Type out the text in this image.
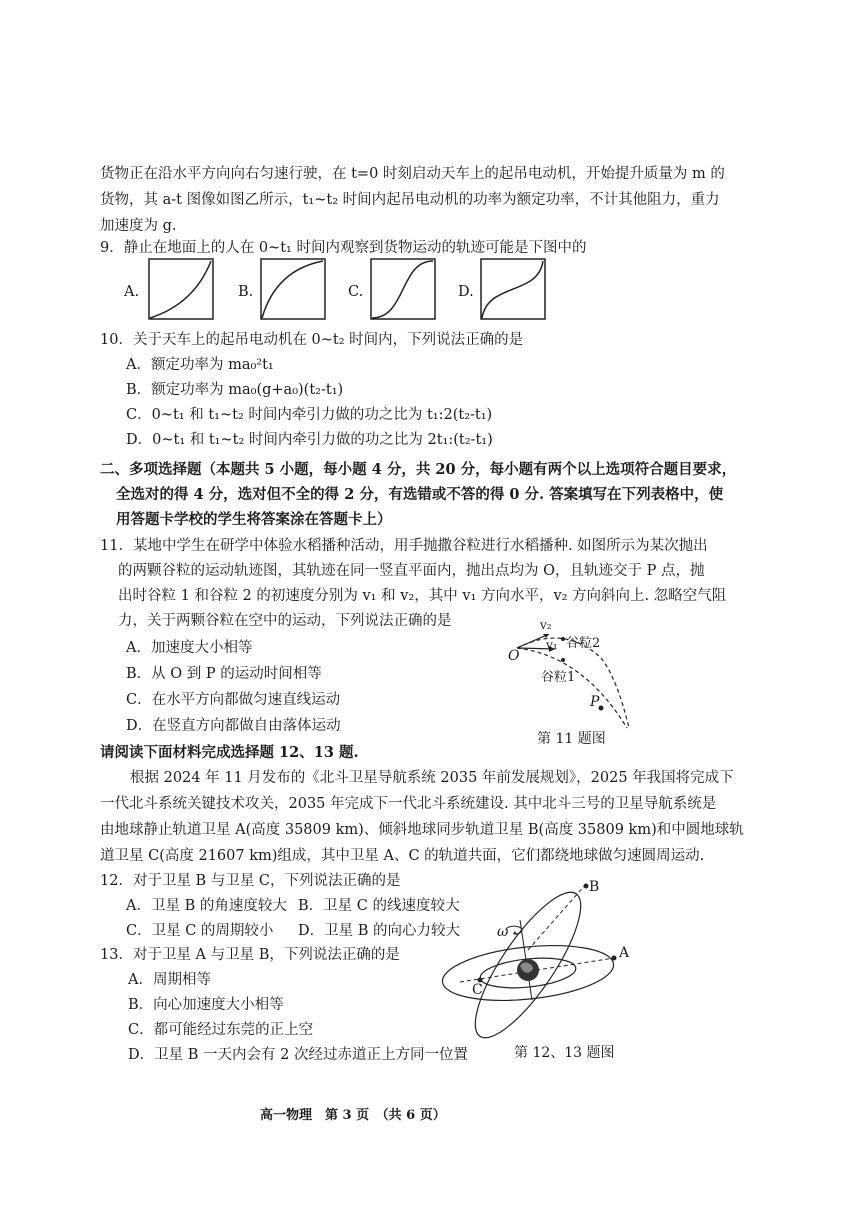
货物正在沿水平方向向右匀速行驶，在 t=0 时刻启动天车上的起吊电动机，开始提升质量为 m 的
货物，其 a-t 图像如图乙所示，t₁~t₂ 时间内起吊电动机的功率为额定功率，不计其他阻力，重力
加速度为 g.
9．静止在地面上的人在 0~t₁ 时间内观察到货物运动的轨迹可能是下图中的
A.	B.	C.	D.
10．关于天车上的起吊电动机在 0~t₂ 时间内，下列说法正确的是
A．额定功率为 ma₀²t₁
B．额定功率为 ma₀(g+a₀)(t₂-t₁)
C．0~t₁ 和 t₁~t₂ 时间内牵引力做的功之比为 t₁:2(t₂-t₁)
D．0~t₁ 和 t₁~t₂ 时间内牵引力做的功之比为 2t₁:(t₂-t₁)
二、多项选择题（本题共 5 小题，每小题 4 分，共 20 分，每小题有两个以上选项符合题目要求，
全选对的得 4 分，选对但不全的得 2 分，有选错或不答的得 0 分. 答案填写在下列表格中，使
用答题卡学校的学生将答案涂在答题卡上）
11．某地中学生在研学中体验水稻播种活动，用手抛撒谷粒进行水稻播种. 如图所示为某次抛出
的两颗谷粒的运动轨迹图，其轨迹在同一竖直平面内，抛出点均为 O，且轨迹交于 P 点，抛
出时谷粒 1 和谷粒 2 的初速度分别为 v₁ 和 v₂，其中 v₁ 方向水平，v₂ 方向斜向上. 忽略空气阻
力，关于两颗谷粒在空中的运动，下列说法正确的是
A．加速度大小相等
B．从 O 到 P 的运动时间相等
C．在水平方向都做匀速直线运动
D．在竖直方向都做自由落体运动
v₂
v₁
O
谷粒2
谷粒1
P
第 11 题图
请阅读下面材料完成选择题 12、13 题.
根据 2024 年 11 月发布的《北斗卫星导航系统 2035 年前发展规划》，2025 年我国将完成下
一代北斗系统关键技术攻关，2035 年完成下一代北斗系统建设. 其中北斗三号的卫星导航系统是
由地球静止轨道卫星 A(高度 35809 km)、倾斜地球同步轨道卫星 B(高度 35809 km)和中圆地球轨
道卫星 C(高度 21607 km)组成，其中卫星 A、C 的轨道共面，它们都绕地球做匀速圆周运动.
12．对于卫星 B 与卫星 C，下列说法正确的是
A．卫星 B 的角速度较大 B．卫星 C 的线速度较大
C．卫星 C 的周期较小 D．卫星 B 的向心力较大
13．对于卫星 A 与卫星 B，下列说法正确的是
A．周期相等
B．向心加速度大小相等
C．都可能经过东莞的正上空
D．卫星 B 一天内会有 2 次经过赤道正上方同一位置
B
A
C
ω
第 12、13 题图
高一物理　第 3 页　（共 6 页）
